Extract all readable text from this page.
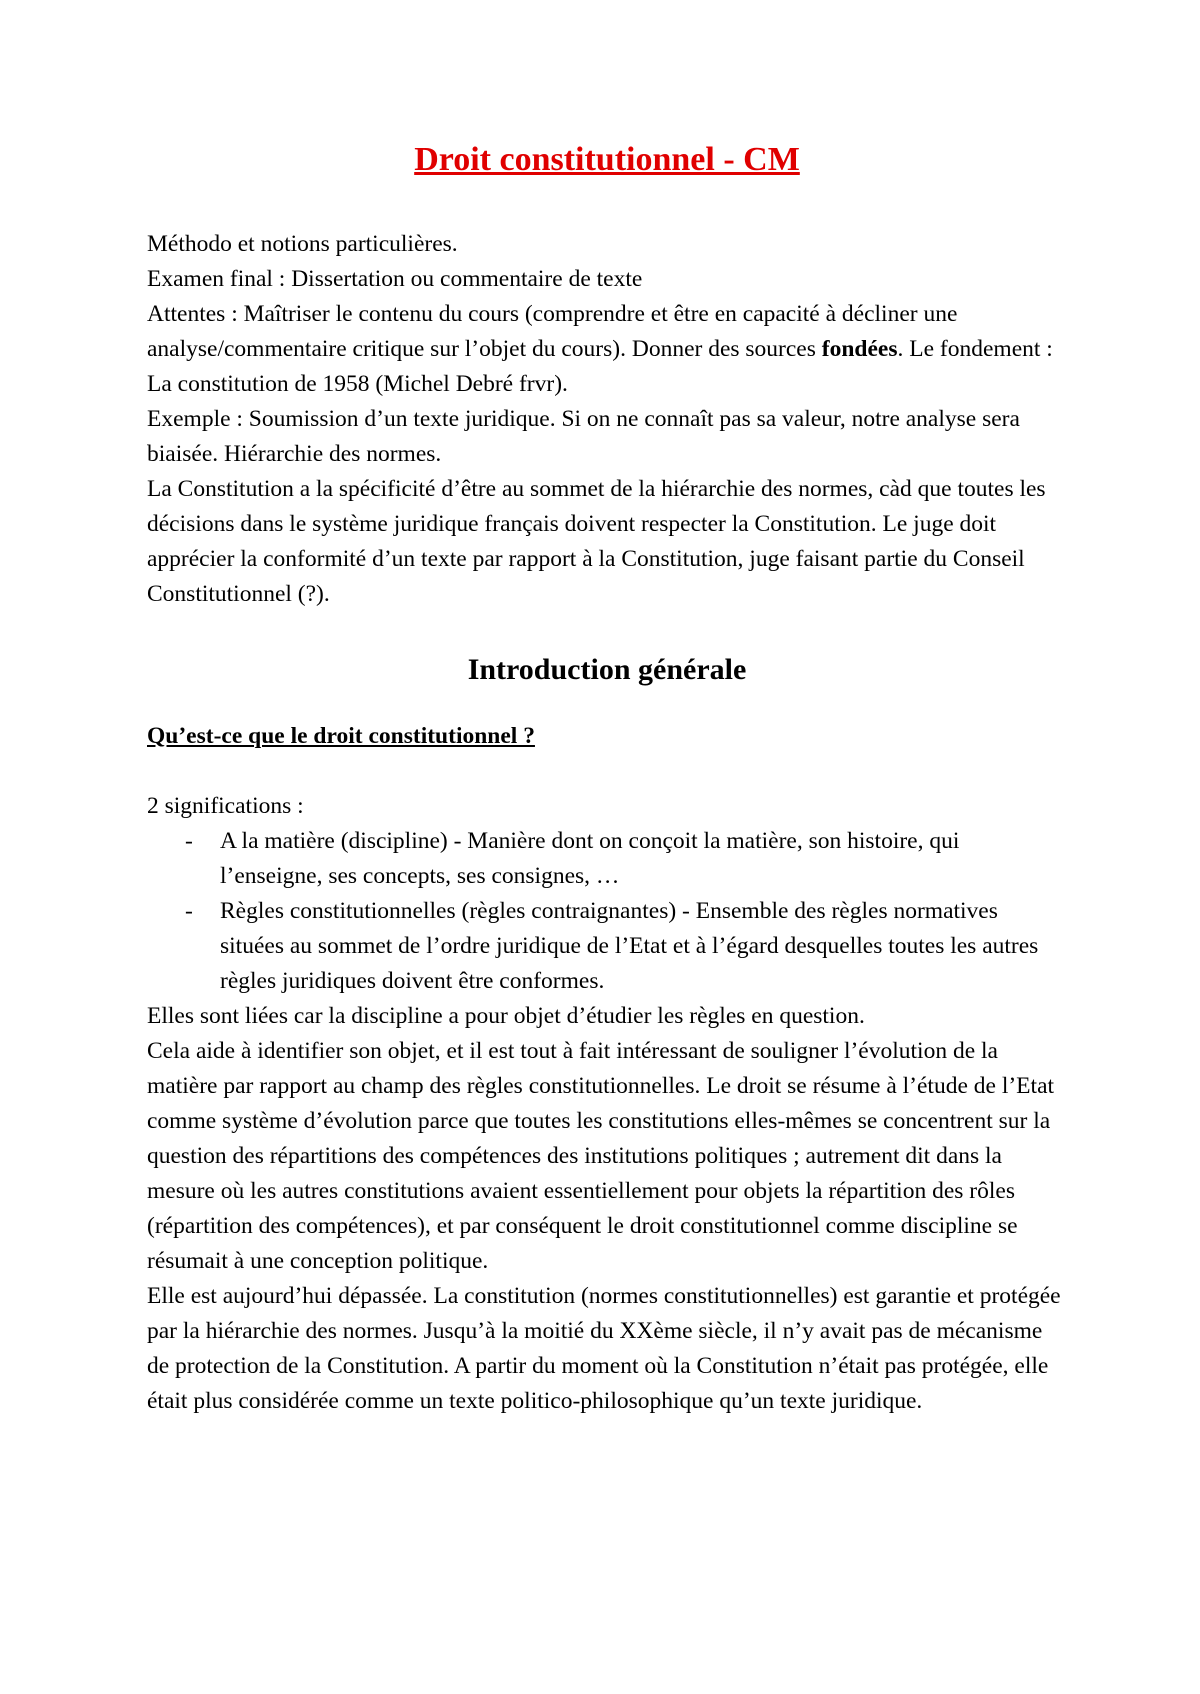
Droit constitutionnel - CM

Méthodo et notions particulières.

Examen final : Dissertation ou commentaire de texte

Attentes : Maîtriser le contenu du cours (comprendre et être en capacité à décliner une analyse/commentaire critique sur l’objet du cours). Donner des sources fondées. Le fondement : La constitution de 1958 (Michel Debré frvr).

Exemple : Soumission d’un texte juridique. Si on ne connaît pas sa valeur, notre analyse sera biaisée. Hiérarchie des normes.

La Constitution a la spécificité d’être au sommet de la hiérarchie des normes, càd que toutes les décisions dans le système juridique français doivent respecter la Constitution. Le juge doit apprécier la conformité d’un texte par rapport à la Constitution, juge faisant partie du Conseil Constitutionnel (?).

Introduction générale
Qu’est-ce que le droit constitutionnel ?

2 significations :

- A la matière (discipline) - Manière dont on conçoit la matière, son histoire, qui l’enseigne, ses concepts, ses consignes, …
- Règles constitutionnelles (règles contraignantes) - Ensemble des règles normatives situées au sommet de l’ordre juridique de l’Etat et à l’égard desquelles toutes les autres règles juridiques doivent être conformes.

Elles sont liées car la discipline a pour objet d’étudier les règles en question.

Cela aide à identifier son objet, et il est tout à fait intéressant de souligner l’évolution de la matière par rapport au champ des règles constitutionnelles. Le droit se résume à l’étude de l’Etat comme système d’évolution parce que toutes les constitutions elles-mêmes se concentrent sur la question des répartitions des compétences des institutions politiques ; autrement dit dans la mesure où les autres constitutions avaient essentiellement pour objets la répartition des rôles (répartition des compétences), et par conséquent le droit constitutionnel comme discipline se résumait à une conception politique.

Elle est aujourd’hui dépassée. La constitution (normes constitutionnelles) est garantie et protégée par la hiérarchie des normes. Jusqu’à la moitié du XXème siècle, il n’y avait pas de mécanisme de protection de la Constitution. A partir du moment où la Constitution n’était pas protégée, elle était plus considérée comme un texte politico-philosophique qu’un texte juridique.
